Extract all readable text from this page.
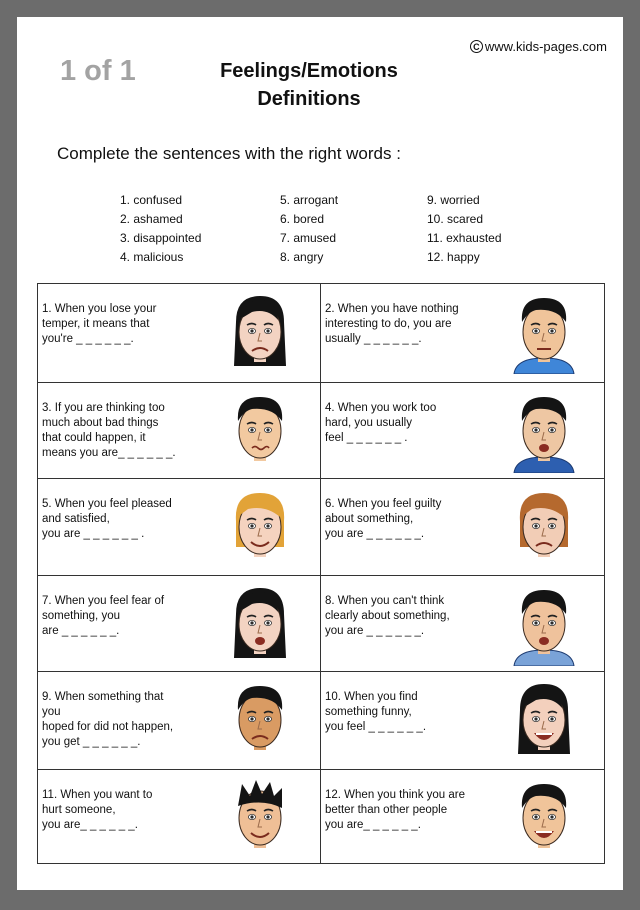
1 of 1	Feelings/Emotions
Definitions
C www.kids-pages.com
Complete the sentences with the right words :
1. confused
2. ashamed
3. disappointed
4. malicious
5. arrogant
6. bored
7. amused
8. angry
9. worried
10. scared
11. exhausted
12. happy
1. When you lose your
temper, it means that
you're _ _ _ _ _ _.
2. When you have nothing
interesting to do, you are
usually _ _ _ _ _ _.
3. If you are thinking too
much about bad things
that could happen, it
means you are_ _ _ _ _ _.
4. When you work too
hard, you usually
feel _ _ _ _ _ _ .
5. When you feel pleased
and satisfied,
you are _ _ _ _ _ _ .
6. When you feel guilty
about something,
you are _ _ _ _ _ _.
7. When you feel fear of
something, you
are _ _ _ _ _ _.
8. When you can't think
clearly about something,
you are _ _ _ _ _ _.
9. When something that you
hoped for did not happen,
you get _ _ _ _ _ _.
10. When you find
something funny,
you feel _ _ _ _ _ _.
11. When you want to
hurt someone,
you are_ _ _ _ _ _.
12. When you think you are
better than other people
you are_ _ _ _ _ _.
